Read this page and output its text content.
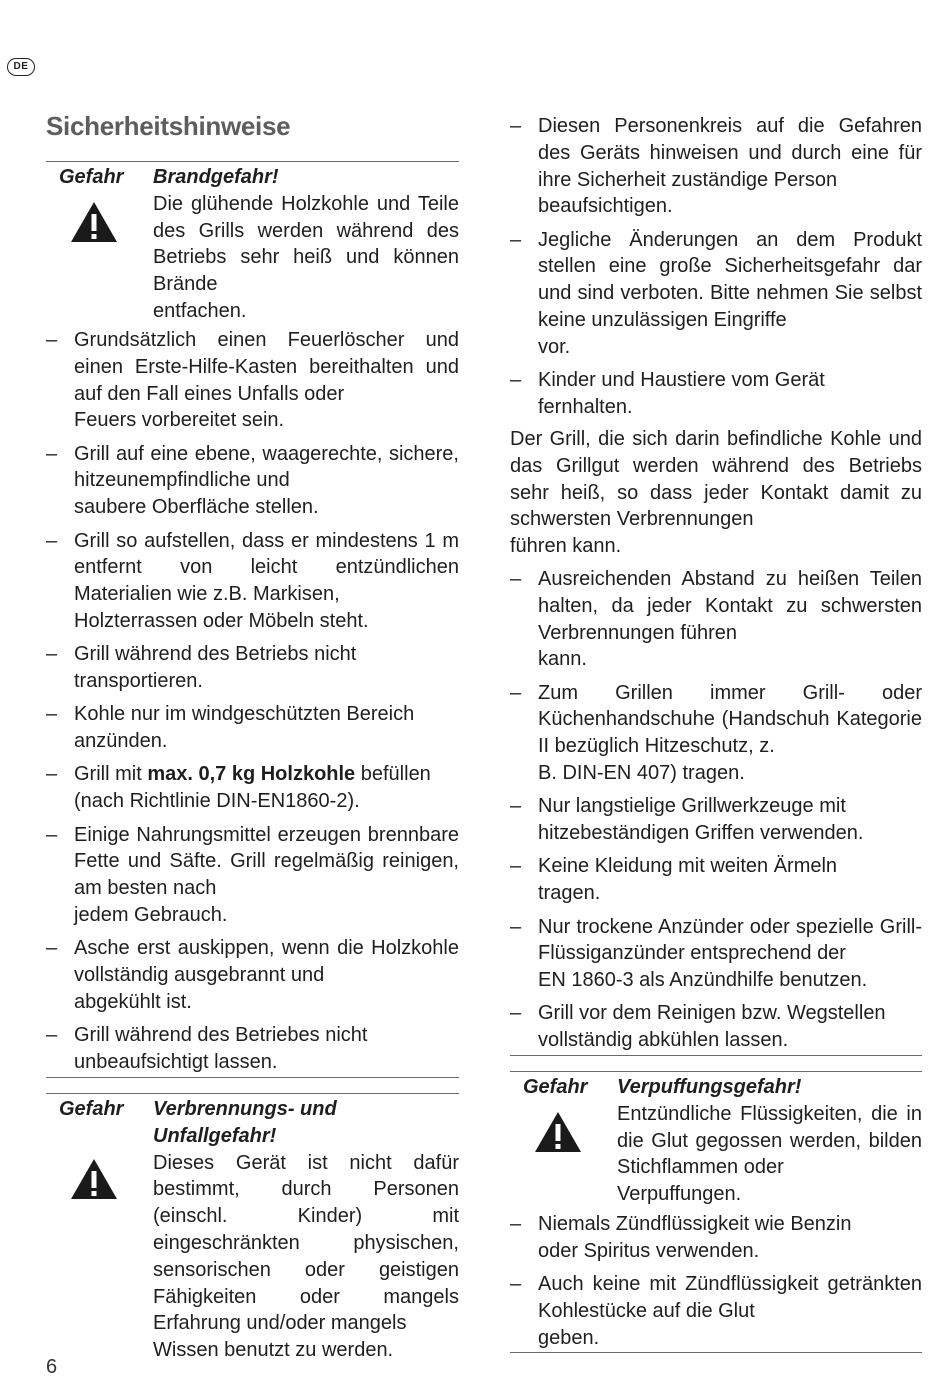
DE
6
Sicherheitshinweise
Gefahr Brandgefahr!
Die glühende Holzkohle und Teile des Grills werden während des Betriebs sehr heiß und können Brände
entfachen.
– Grundsätzlich einen Feuerlöscher und einen Erste-Hilfe-Kasten bereithalten und auf den Fall eines Unfalls oder
Feuers vorbereitet sein.
– Grill auf eine ebene, waagerechte, sichere, hitzeunempfindliche und
saubere Oberfläche stellen.
– Grill so aufstellen, dass er mindestens 1 m entfernt von leicht entzündlichen Materialien wie z.B. Markisen,
Holzterrassen oder Möbeln steht.
– Grill während des Betriebs nicht
transportieren.
– Kohle nur im windgeschützten Bereich
anzünden.
– Grill mit max. 0,7 kg Holzkohle befüllen
(nach Richtlinie DIN-EN1860-2).
– Einige Nahrungsmittel erzeugen brennbare Fette und Säfte. Grill regelmäßig reinigen, am besten nach
jedem Gebrauch.
– Asche erst auskippen, wenn die Holzkohle vollständig ausgebrannt und
abgekühlt ist.
– Grill während des Betriebes nicht
unbeaufsichtigt lassen.
Gefahr Verbrennungs- und
Unfallgefahr!
Dieses Gerät ist nicht dafür bestimmt, durch Personen (einschl. Kinder) mit eingeschränkten physischen, sensorischen oder geistigen Fähigkeiten oder mangels Erfahrung und/oder mangels
Wissen benutzt zu werden.
– Diesen Personenkreis auf die Gefahren des Geräts hinweisen und durch eine für ihre Sicherheit zuständige Person
beaufsichtigen.
– Jegliche Änderungen an dem Produkt stellen eine große Sicherheitsgefahr dar und sind verboten. Bitte nehmen Sie selbst keine unzulässigen Eingriffe
vor.
– Kinder und Haustiere vom Gerät
fernhalten.
Der Grill, die sich darin befindliche Kohle und das Grillgut werden während des Betriebs sehr heiß, so dass jeder Kontakt damit zu schwersten Verbrennungen
führen kann.
– Ausreichenden Abstand zu heißen Teilen halten, da jeder Kontakt zu schwersten Verbrennungen führen
kann.
– Zum Grillen immer Grill- oder Küchenhandschuhe (Handschuh Kategorie II bezüglich Hitzeschutz, z.
B. DIN-EN 407) tragen.
– Nur langstielige Grillwerkzeuge mit
hitzebeständigen Griffen verwenden.
– Keine Kleidung mit weiten Ärmeln
tragen.
– Nur trockene Anzünder oder spezielle Grill-Flüssiganzünder entsprechend der
EN 1860-3 als Anzündhilfe benutzen.
– Grill vor dem Reinigen bzw. Wegstellen
vollständig abkühlen lassen.
Gefahr Verpuffungsgefahr!
Entzündliche Flüssigkeiten, die in die Glut gegossen werden, bilden Stichflammen oder
Verpuffungen.
– Niemals Zündflüssigkeit wie Benzin
oder Spiritus verwenden.
– Auch keine mit Zündflüssigkeit getränkten Kohlestücke auf die Glut
geben.
